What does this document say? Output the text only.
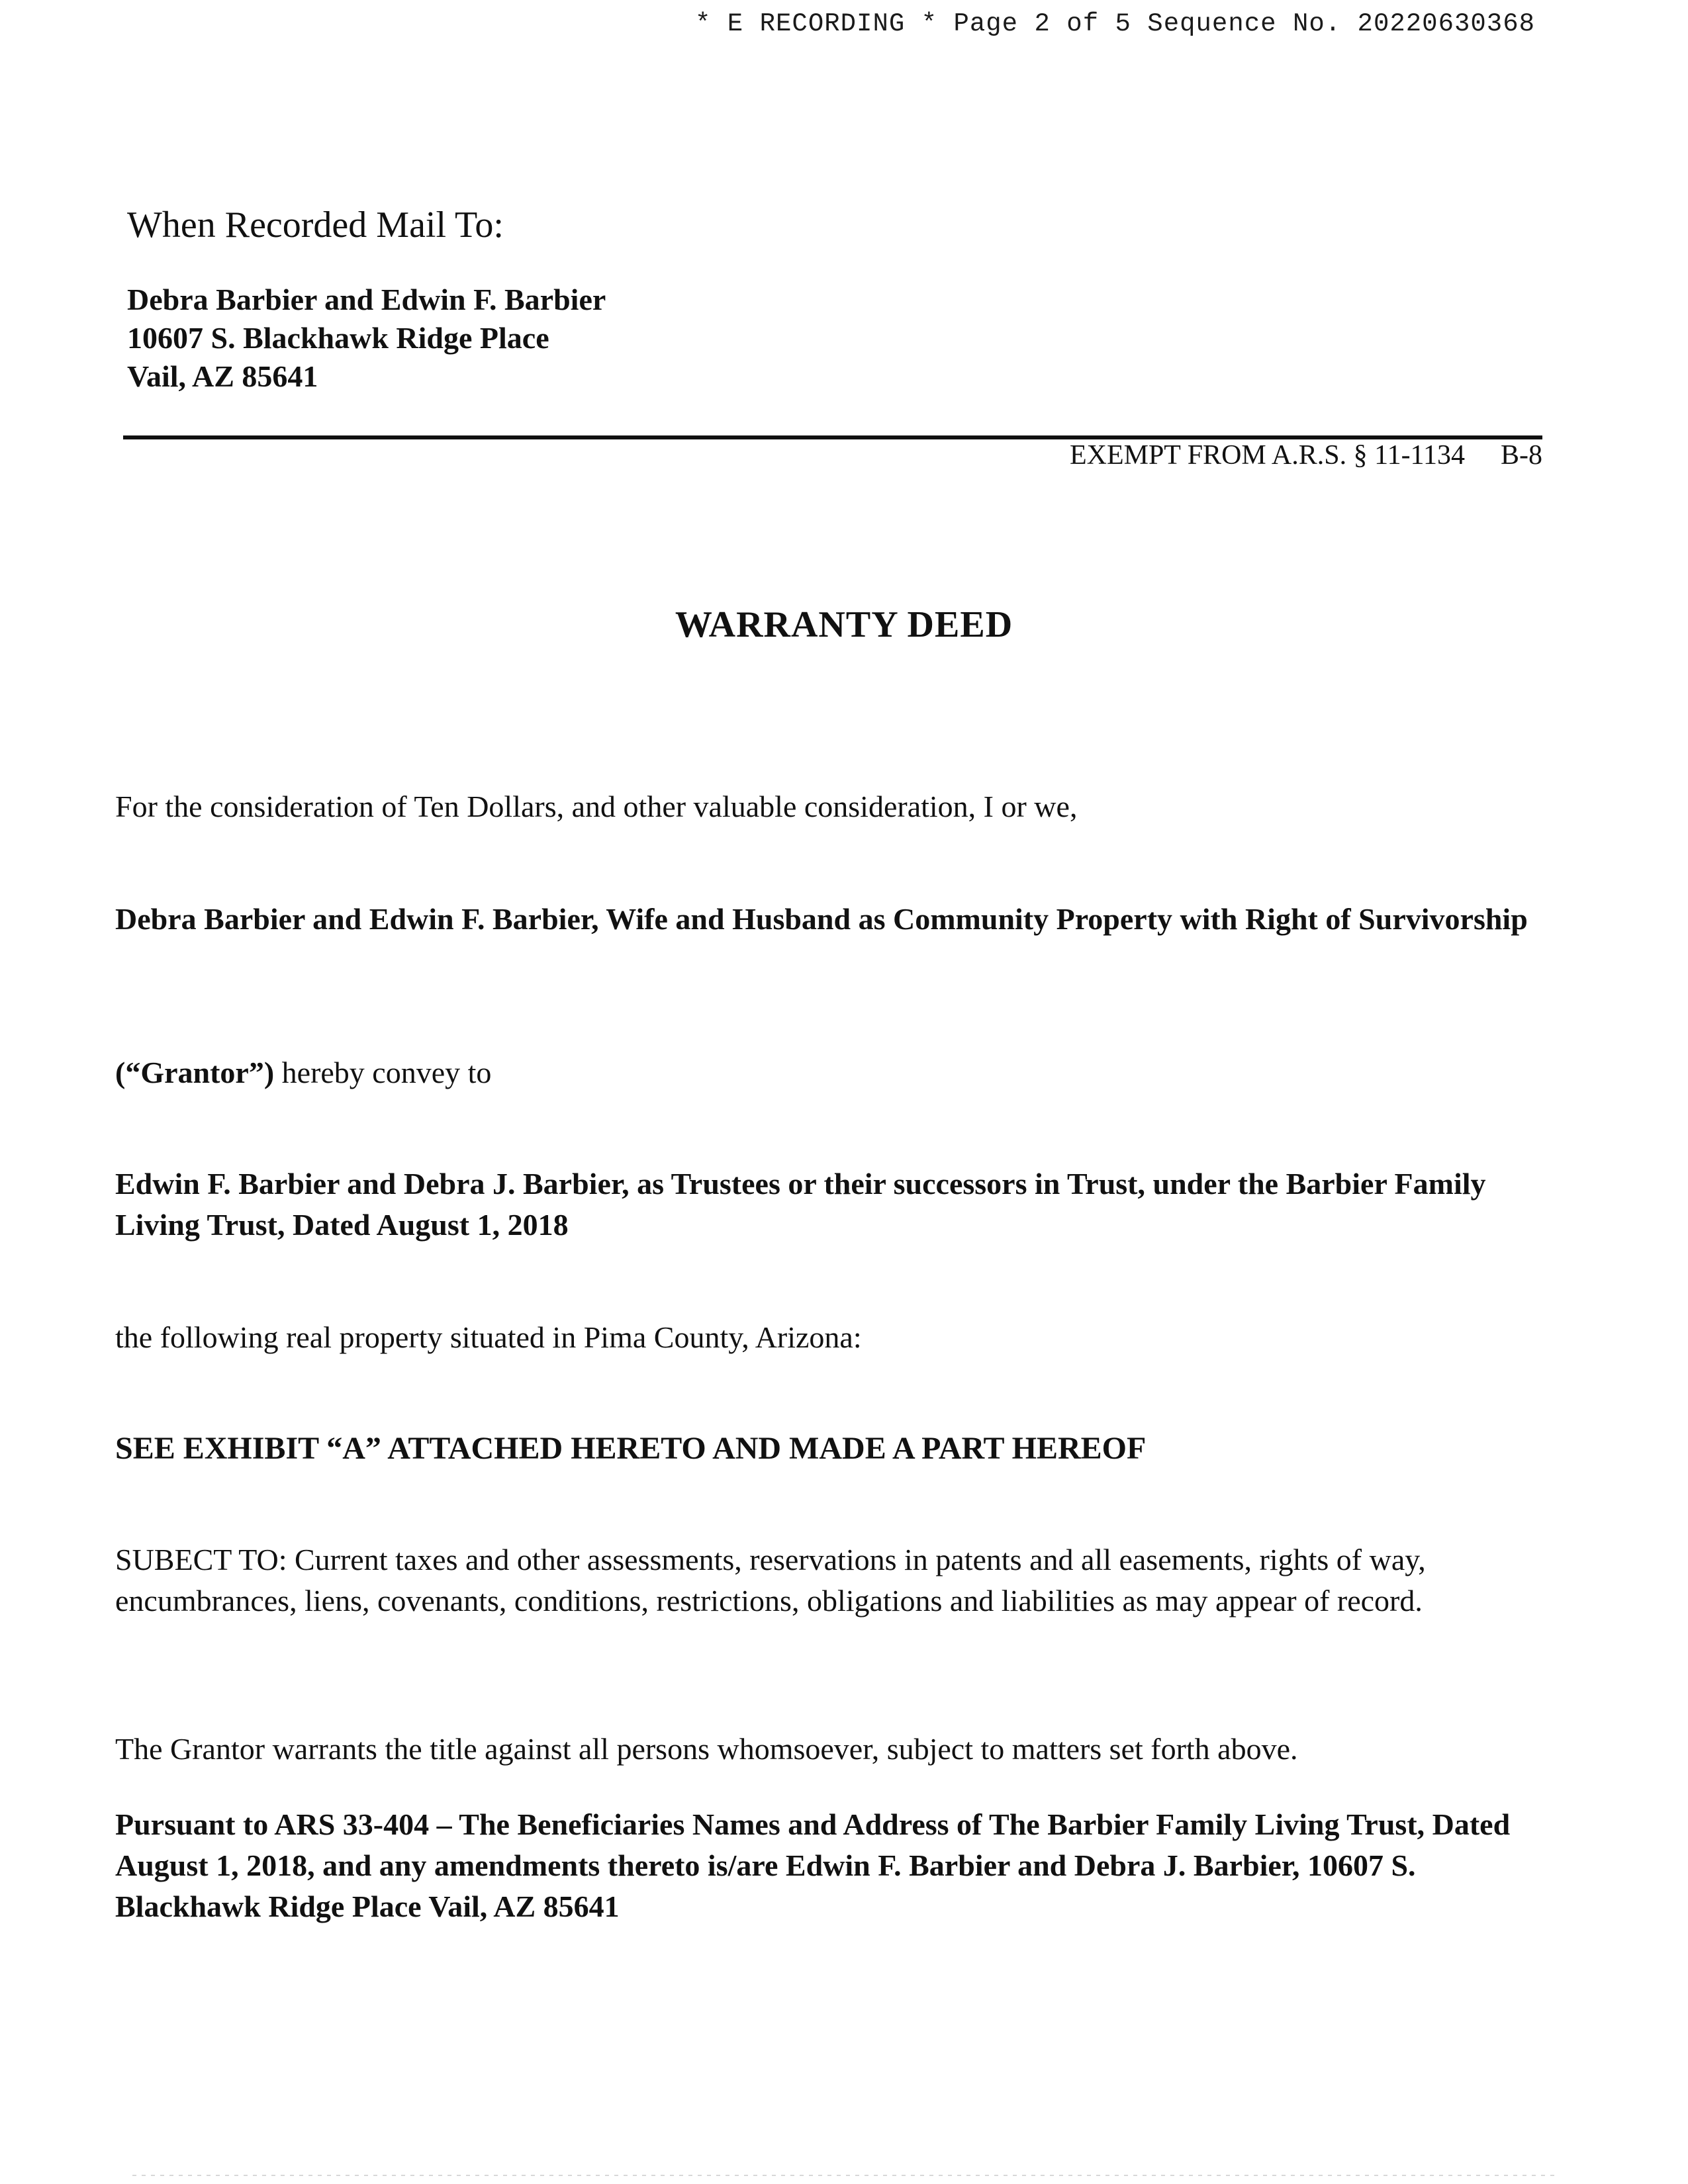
* E RECORDING * Page 2 of 5 Sequence No. 20220630368
When Recorded Mail To:
Debra Barbier and Edwin F. Barbier
10607 S. Blackhawk Ridge Place
Vail, AZ 85641
EXEMPT FROM A.R.S. § 11-1134 B-8
WARRANTY DEED
For the consideration of Ten Dollars, and other valuable consideration, I or we,
Debra Barbier and Edwin F. Barbier, Wife and Husband as Community Property with Right of Survivorship
(“Grantor”) hereby convey to
Edwin F. Barbier and Debra J. Barbier, as Trustees or their successors in Trust, under the Barbier Family Living Trust, Dated August 1, 2018
the following real property situated in Pima County, Arizona:
SEE EXHIBIT “A” ATTACHED HERETO AND MADE A PART HEREOF
SUBECT TO: Current taxes and other assessments, reservations in patents and all easements, rights of way, encumbrances, liens, covenants, conditions, restrictions, obligations and liabilities as may appear of record.
The Grantor warrants the title against all persons whomsoever, subject to matters set forth above.
Pursuant to ARS 33-404 – The Beneficiaries Names and Address of The Barbier Family Living Trust, Dated August 1, 2018, and any amendments thereto is/are Edwin F. Barbier and Debra J. Barbier, 10607 S. Blackhawk Ridge Place Vail, AZ 85641
